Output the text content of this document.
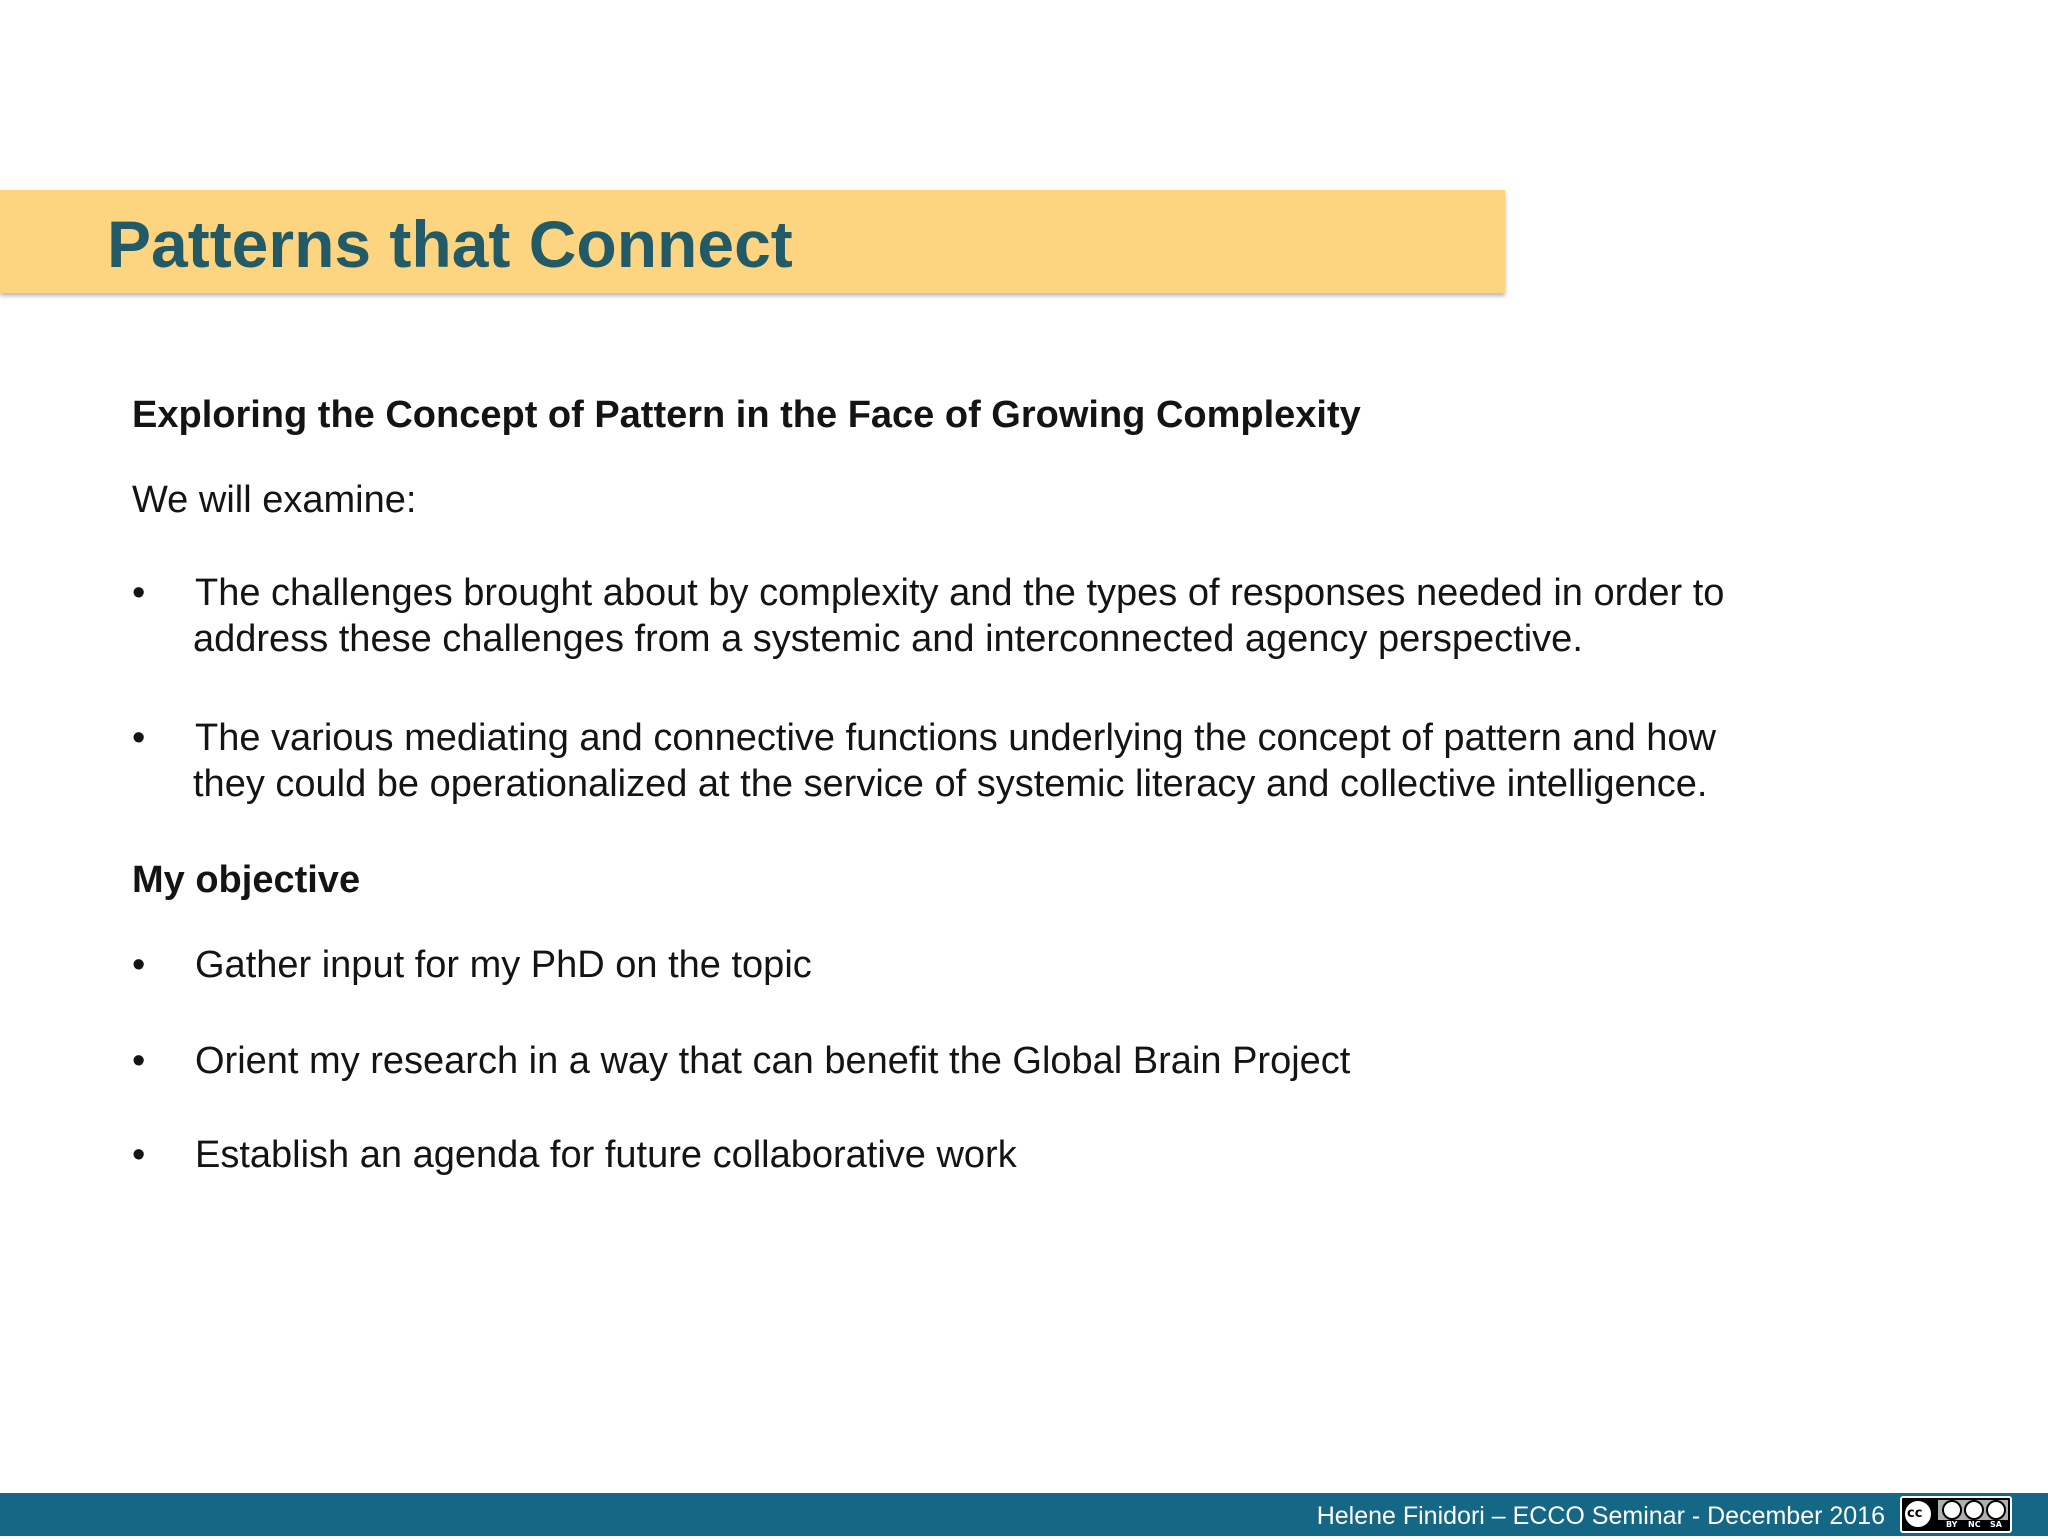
Patterns that Connect
Exploring the Concept of Pattern in the Face of Growing Complexity
We will examine:
• The challenges brought about by complexity and the types of responses needed in order to
address these challenges from a systemic and interconnected agency perspective.
• The various mediating and connective functions underlying the concept of pattern and how
they could be operationalized at the service of systemic literacy and collective intelligence.
My objective
• Gather input for my PhD on the topic
• Orient my research in a way that can benefit the Global Brain Project
• Establish an agenda for future collaborative work
Helene Finidori – ECCO Seminar - December 2016 cc
BY NC SA
